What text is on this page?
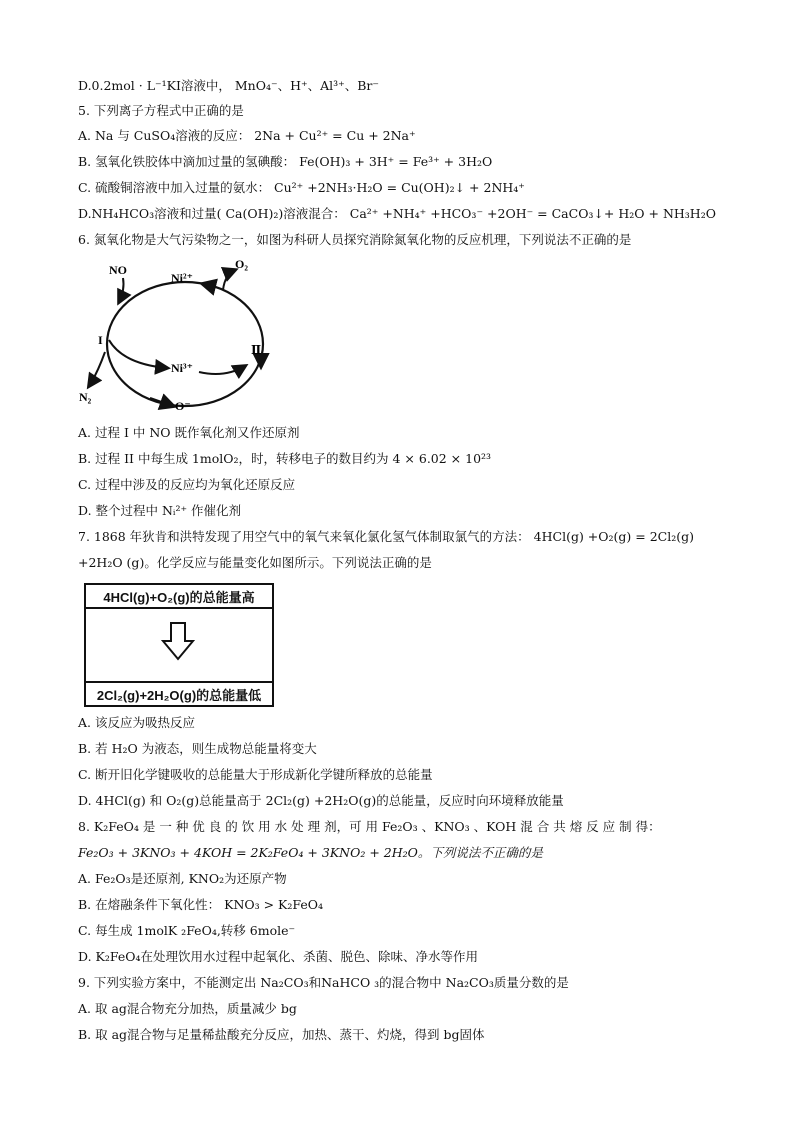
D.0.2mol · L⁻¹KI溶液中， MnO₄⁻、H⁺、Al³⁺、Br⁻
5. 下列离子方程式中正确的是
A. Na 与 CuSO₄溶液的反应： 2Na + Cu²⁺ = Cu + 2Na⁺
B. 氢氧化铁胶体中滴加过量的氢碘酸： Fe(OH)₃ + 3H⁺ = Fe³⁺ + 3H₂O
C. 硫酸铜溶液中加入过量的氨水： Cu²⁺ +2NH₃·H₂O = Cu(OH)₂↓ + 2NH₄⁺
D.NH₄HCO₃溶液和过量( Ca(OH)₂)溶液混合： Ca²⁺ +NH₄⁺ +HCO₃⁻ +2OH⁻ = CaCO₃↓+ H₂O + NH₃H₂O
6. 氮氧化物是大气污染物之一，如图为科研人员探究消除氮氧化物的反应机理，下列说法不正确的是
NO
Ni²⁺
O₂
I
Ⅱ
Ni³⁺
N₂
O⁻
A. 过程 I 中 NO 既作氧化剂又作还原剂
B. 过程 II 中每生成 1molO₂，时，转移电子的数目约为 4 × 6.02 × 10²³
C. 过程中涉及的反应均为氧化还原反应
D. 整个过程中 Nᵢ²⁺ 作催化剂
7. 1868 年狄肯和洪特发现了用空气中的氧气来氧化氯化氢气体制取氯气的方法： 4HCl(g) +O₂(g) = 2Cl₂(g)
+2H₂O (g)。化学反应与能量变化如图所示。下列说法正确的是
4HCl(g)+O₂(g)的总能量高
2Cl₂(g)+2H₂O(g)的总能量低
A. 该反应为吸热反应
B. 若 H₂O 为液态，则生成物总能量将变大
C. 断开旧化学键吸收的总能量大于形成新化学键所释放的总能量
D. 4HCl(g) 和 O₂(g)总能量高于 2Cl₂(g) +2H₂O(g)的总能量，反应时向环境释放能量
8. K₂FeO₄ 是 一 种 优 良 的 饮 用 水 处 理 剂，可 用 Fe₂O₃ 、KNO₃ 、KOH 混 合 共 熔 反 应 制 得：
Fe₂O₃ + 3KNO₃ + 4KOH = 2K₂FeO₄ + 3KNO₂ + 2H₂O。下列说法不正确的是
A. Fe₂O₃是还原剂, KNO₂为还原产物
B. 在熔融条件下氧化性： KNO₃ > K₂FeO₄
C. 每生成 1molK ₂FeO₄,转移 6mole⁻
D. K₂FeO₄在处理饮用水过程中起氧化、杀菌、脱色、除味、净水等作用
9. 下列实验方案中，不能测定出 Na₂CO₃和NaHCO ₃的混合物中 Na₂CO₃质量分数的是
A. 取 ag混合物充分加热，质量减少 bg
B. 取 ag混合物与足量稀盐酸充分反应，加热、蒸干、灼烧，得到 bg固体
